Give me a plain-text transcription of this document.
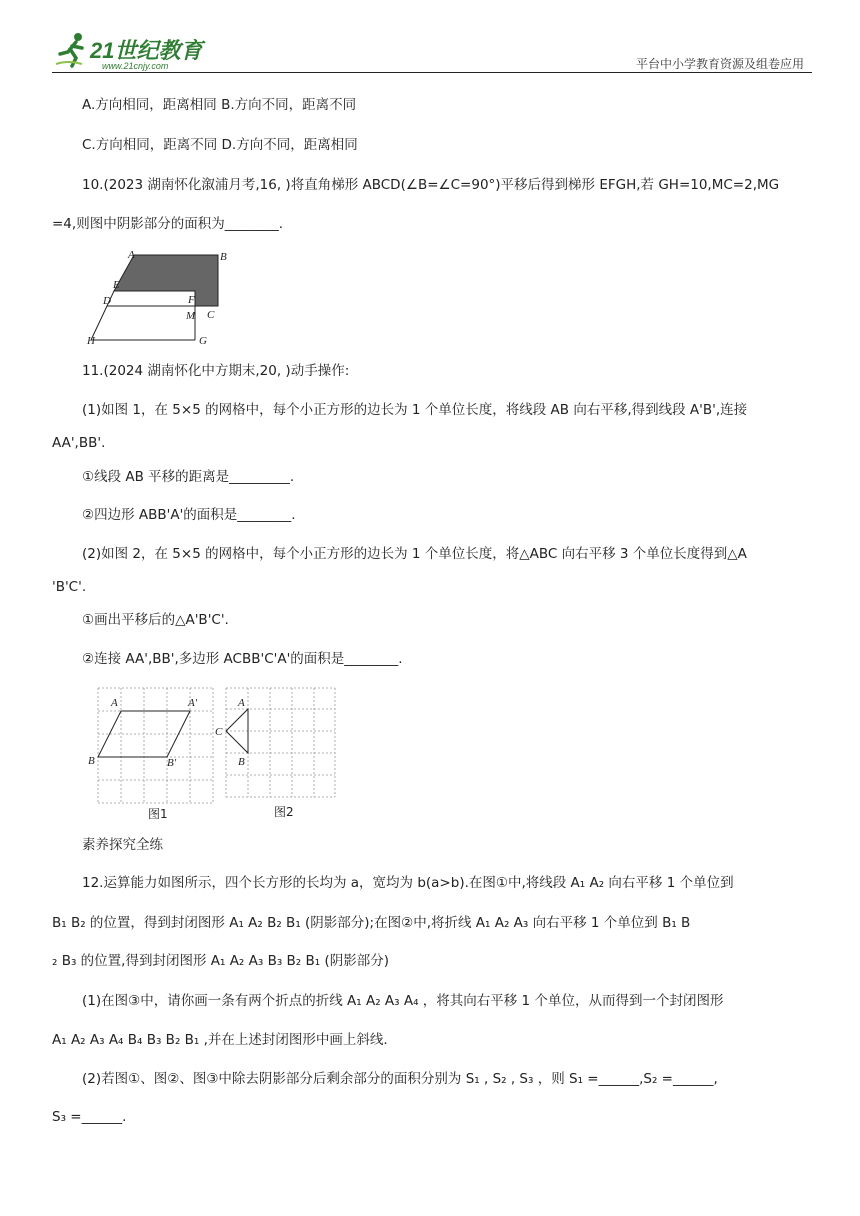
21世纪教育
www.21cnjy.com	平台中小学教育资源及组卷应用
A.方向相同，距离相同 B.方向不同，距离不同
C.方向相同，距离不同 D.方向不同，距离相同
10.(2023 湖南怀化溆浦月考,16, )将直角梯形 ABCD(∠B=∠C=90°)平移后得到梯形 EFGH,若 GH=10,MC=2,MG
=4,则图中阴影部分的面积为________.
A	B
E
D	F
M C
H	G
11.(2024 湖南怀化中方期末,20, )动手操作:
(1)如图 1，在 5×5 的网格中，每个小正方形的边长为 1 个单位长度，将线段 AB 向右平移,得到线段 A'B',连接
AA',BB'.
①线段 AB 平移的距离是_________.
②四边形 ABB'A'的面积是________.
(2)如图 2，在 5×5 的网格中，每个小正方形的边长为 1 个单位长度，将△ABC 向右平移 3 个单位长度得到△A
'B'C'.
①画出平移后的△A'B'C'.
②连接 AA',BB',多边形 ACBB'C'A'的面积是________.
A	A'
B	B'
图1
A
C
B
图2
素养探究全练
12.运算能力如图所示，四个长方形的长均为 a，宽均为 b(a>b).在图①中,将线段 A₁ A₂ 向右平移 1 个单位到
B₁ B₂ 的位置，得到封闭图形 A₁ A₂ B₂ B₁ (阴影部分);在图②中,将折线 A₁ A₂ A₃ 向右平移 1 个单位到 B₁ B
₂ B₃ 的位置,得到封闭图形 A₁ A₂ A₃ B₃ B₂ B₁ (阴影部分)
(1)在图③中，请你画一条有两个折点的折线 A₁ A₂ A₃ A₄ ，将其向右平移 1 个单位，从而得到一个封闭图形
A₁ A₂ A₃ A₄ B₄ B₃ B₂ B₁ ,并在上述封闭图形中画上斜线.
(2)若图①、图②、图③中除去阴影部分后剩余部分的面积分别为 S₁ , S₂ , S₃ ，则 S₁ =______,S₂ =______,
S₃ =______.
